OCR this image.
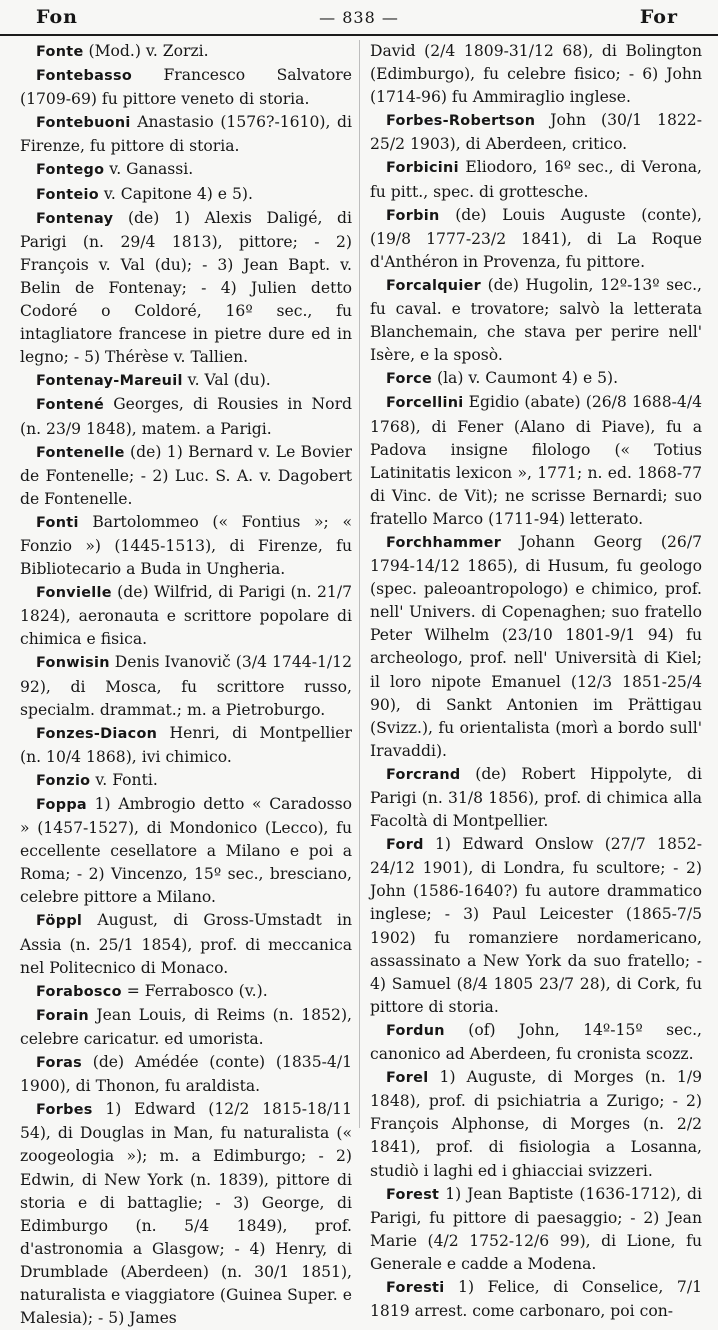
Fon	— 838 —	For

Fonte (Mod.) v. Zorzi.

Fontebasso Francesco Salvatore (1709-69) fu pittore veneto di storia.

Fontebuoni Anastasio (1576?-1610), di Firenze, fu pittore di storia.

Fontego v. Ganassi.

Fonteio v. Capitone 4) e 5).

Fontenay (de) 1) Alexis Daligé, di Parigi (n. 29/4 1813), pittore; - 2) François v. Val (du); - 3) Jean Bapt. v. Belin de Fontenay; - 4) Julien detto Codoré o Coldoré, 16º sec., fu intagliatore francese in pietre dure ed in legno; - 5) Thérèse v. Tallien.

Fontenay-Mareuil v. Val (du).

Fontené Georges, di Rousies in Nord (n. 23/9 1848), matem. a Parigi.

Fontenelle (de) 1) Bernard v. Le Bovier de Fontenelle; - 2) Luc. S. A. v. Dagobert de Fontenelle.

Fonti Bartolommeo (« Fontius »; « Fonzio ») (1445-1513), di Firenze, fu Bibliotecario a Buda in Ungheria.

Fonvielle (de) Wilfrid, di Parigi (n. 21/7 1824), aeronauta e scrittore popolare di chimica e fisica.

Fonwisin Denis Ivanovič (3/4 1744-1/12 92), di Mosca, fu scrittore russo, specialm. drammat.; m. a Pietroburgo.

Fonzes-Diacon Henri, di Montpellier (n. 10/4 1868), ivi chimico.

Fonzio v. Fonti.

Foppa 1) Ambrogio detto « Caradosso » (1457-1527), di Mondonico (Lecco), fu eccellente cesellatore a Milano e poi a Roma; - 2) Vincenzo, 15º sec., bresciano, celebre pittore a Milano.

Föppl August, di Gross-Umstadt in Assia (n. 25/1 1854), prof. di meccanica nel Politecnico di Monaco.

Forabosco = Ferrabosco (v.).

Forain Jean Louis, di Reims (n. 1852), celebre caricatur. ed umorista.

Foras (de) Amédée (conte) (1835-4/1 1900), di Thonon, fu araldista.

Forbes 1) Edward (12/2 1815-18/11 54), di Douglas in Man, fu naturalista (« zoogeologia »); m. a Edimburgo; - 2) Edwin, di New York (n. 1839), pittore di storia e di battaglie; - 3) George, di Edimburgo (n. 5/4 1849), prof. d'astronomia a Glasgow; - 4) Henry, di Drumblade (Aberdeen) (n. 30/1 1851), naturalista e viaggiatore (Guinea Super. e Malesia); - 5) James

David (2/4 1809-31/12 68), di Bolington (Edimburgo), fu celebre fisico; - 6) John (1714-96) fu Ammiraglio inglese.

Forbes-Robertson John (30/1 1822-25/2 1903), di Aberdeen, critico.

Forbicini Eliodoro, 16º sec., di Verona, fu pitt., spec. di grottesche.

Forbin (de) Louis Auguste (conte), (19/8 1777-23/2 1841), di La Roque d'Anthéron in Provenza, fu pittore.

Forcalquier (de) Hugolin, 12º-13º sec., fu caval. e trovatore; salvò la letterata Blanchemain, che stava per perire nell' Isère, e la sposò.

Force (la) v. Caumont 4) e 5).

Forcellini Egidio (abate) (26/8 1688-4/4 1768), di Fener (Alano di Piave), fu a Padova insigne filologo (« Totius Latinitatis lexicon », 1771; n. ed. 1868-77 di Vinc. de Vit); ne scrisse Bernardi; suo fratello Marco (1711-94) letterato.

Forchhammer Johann Georg (26/7 1794-14/12 1865), di Husum, fu geologo (spec. paleoantropologo) e chimico, prof. nell' Univers. di Copenaghen; suo fratello Peter Wilhelm (23/10 1801-9/1 94) fu archeologo, prof. nell' Università di Kiel; il loro nipote Emanuel (12/3 1851-25/4 90), di Sankt Antonien im Prättigau (Svizz.), fu orientalista (morì a bordo sull' Iravaddi).

Forcrand (de) Robert Hippolyte, di Parigi (n. 31/8 1856), prof. di chimica alla Facoltà di Montpellier.

Ford 1) Edward Onslow (27/7 1852-24/12 1901), di Londra, fu scultore; - 2) John (1586-1640?) fu autore drammatico inglese; - 3) Paul Leicester (1865-7/5 1902) fu romanziere nordamericano, assassinato a New York da suo fratello; - 4) Samuel (8/4 1805 23/7 28), di Cork, fu pittore di storia.

Fordun (of) John, 14º-15º sec., canonico ad Aberdeen, fu cronista scozz.

Forel 1) Auguste, di Morges (n. 1/9 1848), prof. di psichiatria a Zurigo; - 2) François Alphonse, di Morges (n. 2/2 1841), prof. di fisiologia a Losanna, studiò i laghi ed i ghiacciai svizzeri.

Forest 1) Jean Baptiste (1636-1712), di Parigi, fu pittore di paesaggio; - 2) Jean Marie (4/2 1752-12/6 99), di Lione, fu Generale e cadde a Modena.

Foresti 1) Felice, di Conselice, 7/1 1819 arrest. come carbonaro, poi con-
